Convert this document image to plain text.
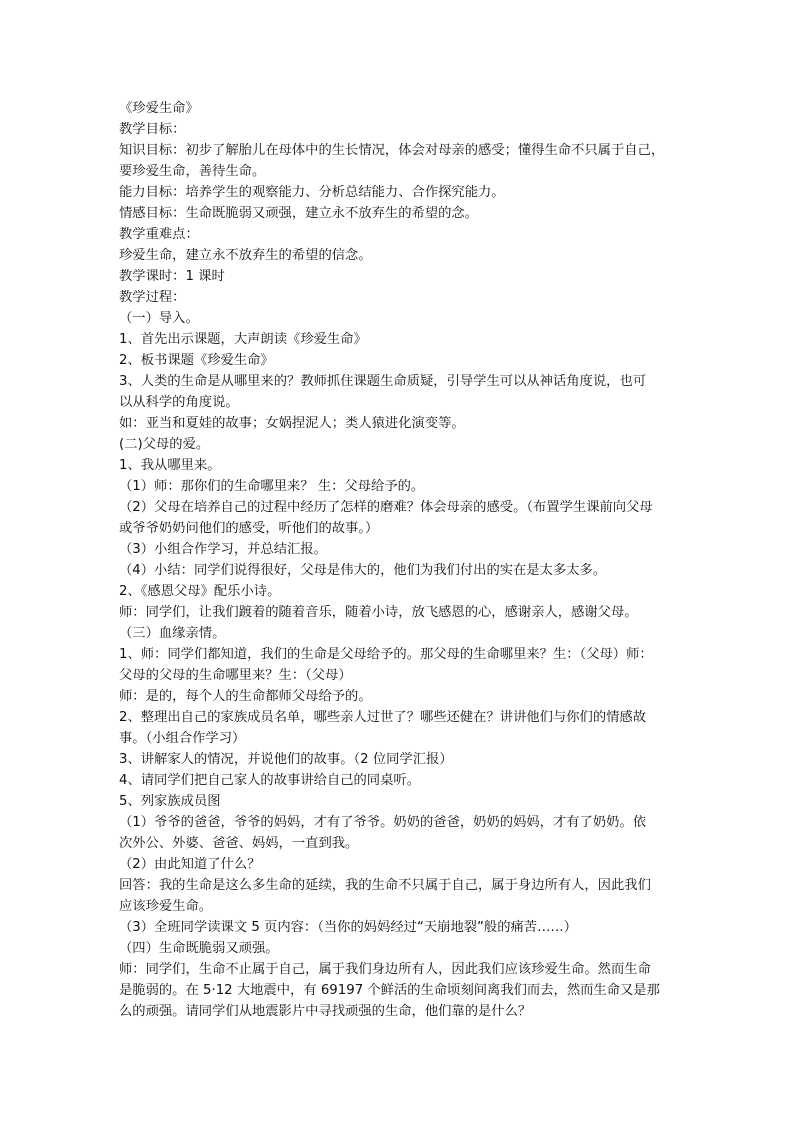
《珍爱生命》
教学目标：
知识目标：初步了解胎儿在母体中的生长情况，体会对母亲的感受；懂得生命不只属于自己，
要珍爱生命，善待生命。
能力目标：培养学生的观察能力、分析总结能力、合作探究能力。
情感目标：生命既脆弱又顽强，建立永不放弃生的希望的念。
教学重难点：
珍爱生命，建立永不放弃生的希望的信念。
教学课时：1 课时
教学过程：
（一）导入。
1、首先出示课题，大声朗读《珍爱生命》
2、板书课题《珍爱生命》
3、人类的生命是从哪里来的？教师抓住课题生命质疑，引导学生可以从神话角度说，也可
以从科学的角度说。
如：亚当和夏娃的故事；女娲捏泥人；类人猿进化演变等。
(二)父母的爱。
1、我从哪里来。
（1）师：那你们的生命哪里来？ 生：父母给予的。
（2）父母在培养自己的过程中经历了怎样的磨难？体会母亲的感受。（布置学生课前向父母
或爷爷奶奶问他们的感受，听他们的故事。）
（3）小组合作学习，并总结汇报。
（4）小结：同学们说得很好，父母是伟大的，他们为我们付出的实在是太多太多。
2、《感恩父母》配乐小诗。
师：同学们，让我们踱着的随着音乐，随着小诗，放飞感恩的心，感谢亲人，感谢父母。
（三）血缘亲情。
1、师：同学们都知道，我们的生命是父母给予的。那父母的生命哪里来？生：（父母）师：
父母的父母的生命哪里来？生：（父母）
师：是的，每个人的生命都师父母给予的。
2、整理出自己的家族成员名单，哪些亲人过世了？哪些还健在？讲讲他们与你们的情感故
事。（小组合作学习）
3、讲解家人的情况，并说他们的故事。（2 位同学汇报）
4、请同学们把自己家人的故事讲给自己的同桌听。
5、列家族成员图
（1）爷爷的爸爸，爷爷的妈妈，才有了爷爷。奶奶的爸爸，奶奶的妈妈，才有了奶奶。依
次外公、外婆、爸爸、妈妈，一直到我。
（2）由此知道了什么？
回答：我的生命是这么多生命的延续，我的生命不只属于自己，属于身边所有人，因此我们
应该珍爱生命。
（3）全班同学读课文 5 页内容：（当你的妈妈经过“天崩地裂”般的痛苦……）
（四）生命既脆弱又顽强。
师：同学们，生命不止属于自己，属于我们身边所有人，因此我们应该珍爱生命。然而生命
是脆弱的。在 5·12 大地震中，有 69197 个鲜活的生命顷刻间离我们而去，然而生命又是那
么的顽强。请同学们从地震影片中寻找顽强的生命，他们靠的是什么？
